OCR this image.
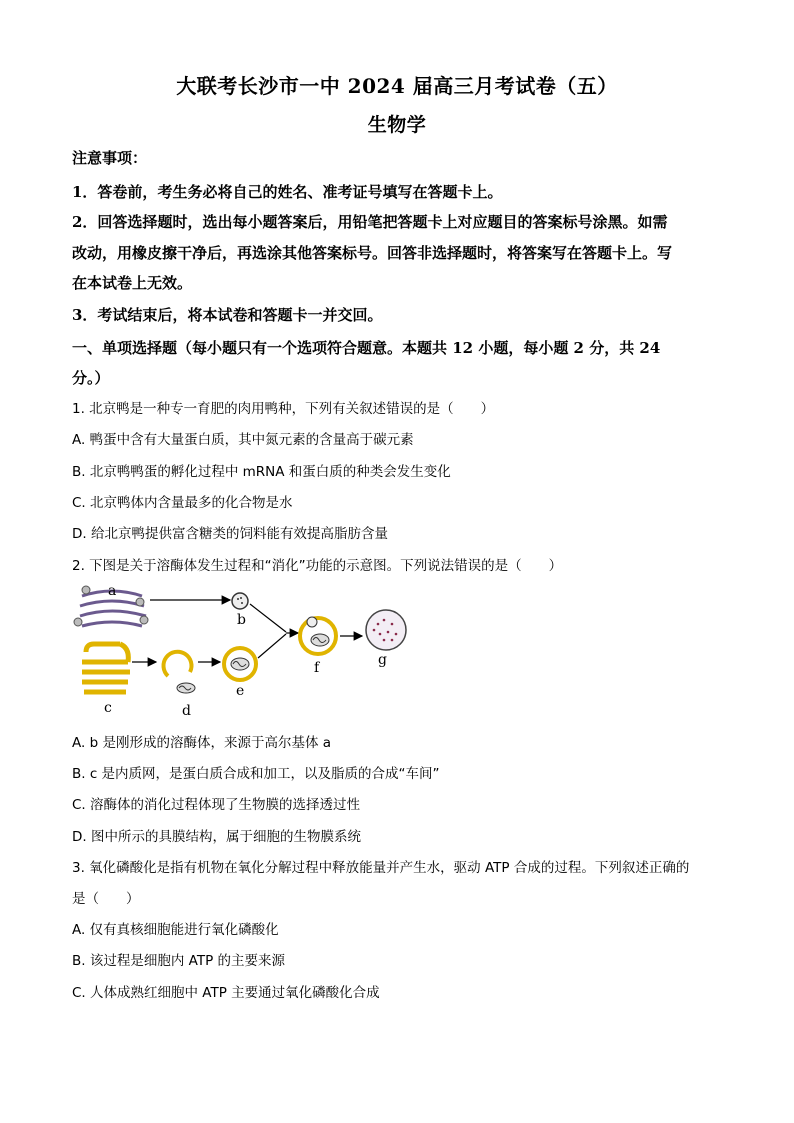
大联考长沙市一中 2024 届高三月考试卷（五）
生物学
注意事项：
1．答卷前，考生务必将自己的姓名、准考证号填写在答题卡上。
2．回答选择题时，选出每小题答案后，用铅笔把答题卡上对应题目的答案标号涂黑。如需
改动，用橡皮擦干净后，再选涂其他答案标号。回答非选择题时，将答案写在答题卡上。写
在本试卷上无效。
3．考试结束后，将本试卷和答题卡一并交回。
一、单项选择题（每小题只有一个选项符合题意。本题共 12 小题，每小题 2 分，共 24
分。）
1. 北京鸭是一种专一育肥的肉用鸭种，下列有关叙述错误的是（　　）
A. 鸭蛋中含有大量蛋白质，其中氮元素的含量高于碳元素
B. 北京鸭鸭蛋的孵化过程中 mRNA 和蛋白质的种类会发生变化
C. 北京鸭体内含量最多的化合物是水
D. 给北京鸭提供富含糖类的饲料能有效提高脂肪含量
2. 下图是关于溶酶体发生过程和“消化”功能的示意图。下列说法错误的是（　　）
a
b
c	d
e
f	g
A. b 是刚形成的溶酶体，来源于高尔基体 a
B. c 是内质网，是蛋白质合成和加工，以及脂质的合成“车间”
C. 溶酶体的消化过程体现了生物膜的选择透过性
D. 图中所示的具膜结构，属于细胞的生物膜系统
3. 氧化磷酸化是指有机物在氧化分解过程中释放能量并产生水，驱动 ATP 合成的过程。下列叙述正确的
是（　　）
A. 仅有真核细胞能进行氧化磷酸化
B. 该过程是细胞内 ATP 的主要来源
C. 人体成熟红细胞中 ATP 主要通过氧化磷酸化合成
